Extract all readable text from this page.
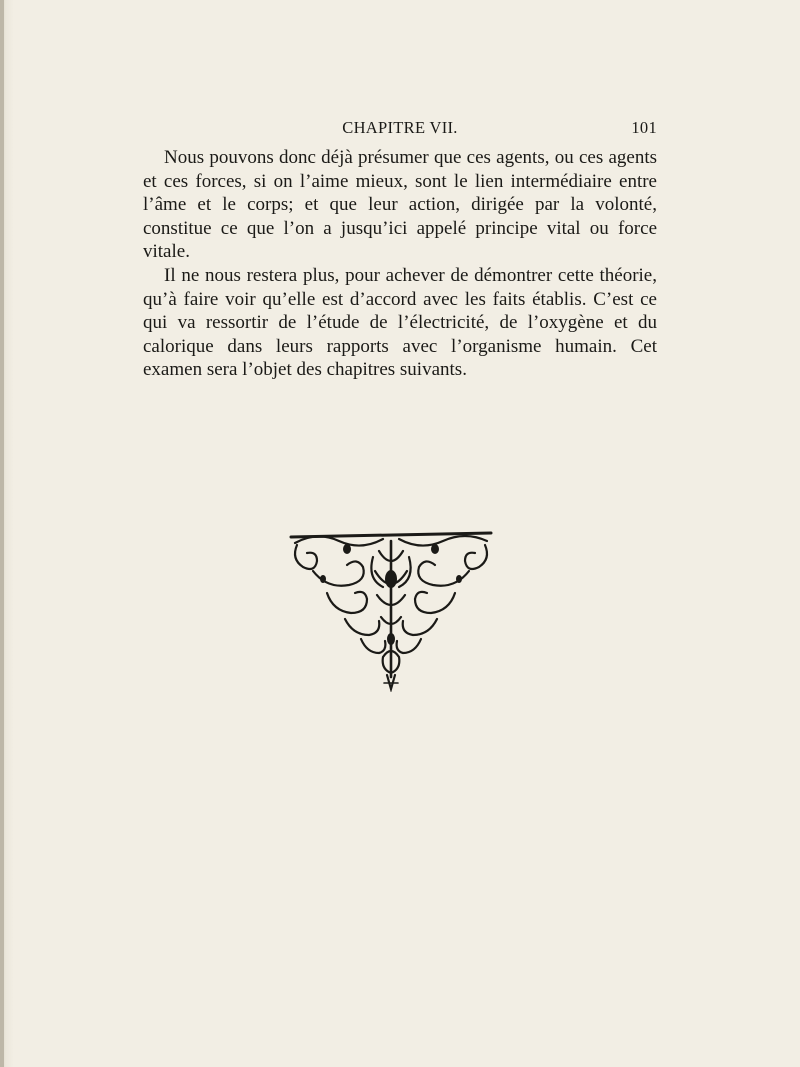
CHAPITRE VII.	101

Nous pouvons donc déjà présumer que ces agents, ou ces agents et ces forces, si on l’aime mieux, sont le lien intermédiaire entre l’âme et le corps; et que leur action, dirigée par la volonté, constitue ce que l’on a jusqu’ici appelé principe vital ou force vitale.

Il ne nous restera plus, pour achever de démontrer cette théorie, qu’à faire voir qu’elle est d’accord avec les faits établis. C’est ce qui va ressortir de l’étude de l’électricité, de l’oxygène et du calorique dans leurs rapports avec l’organisme humain. Cet examen sera l’objet des chapitres suivants.
